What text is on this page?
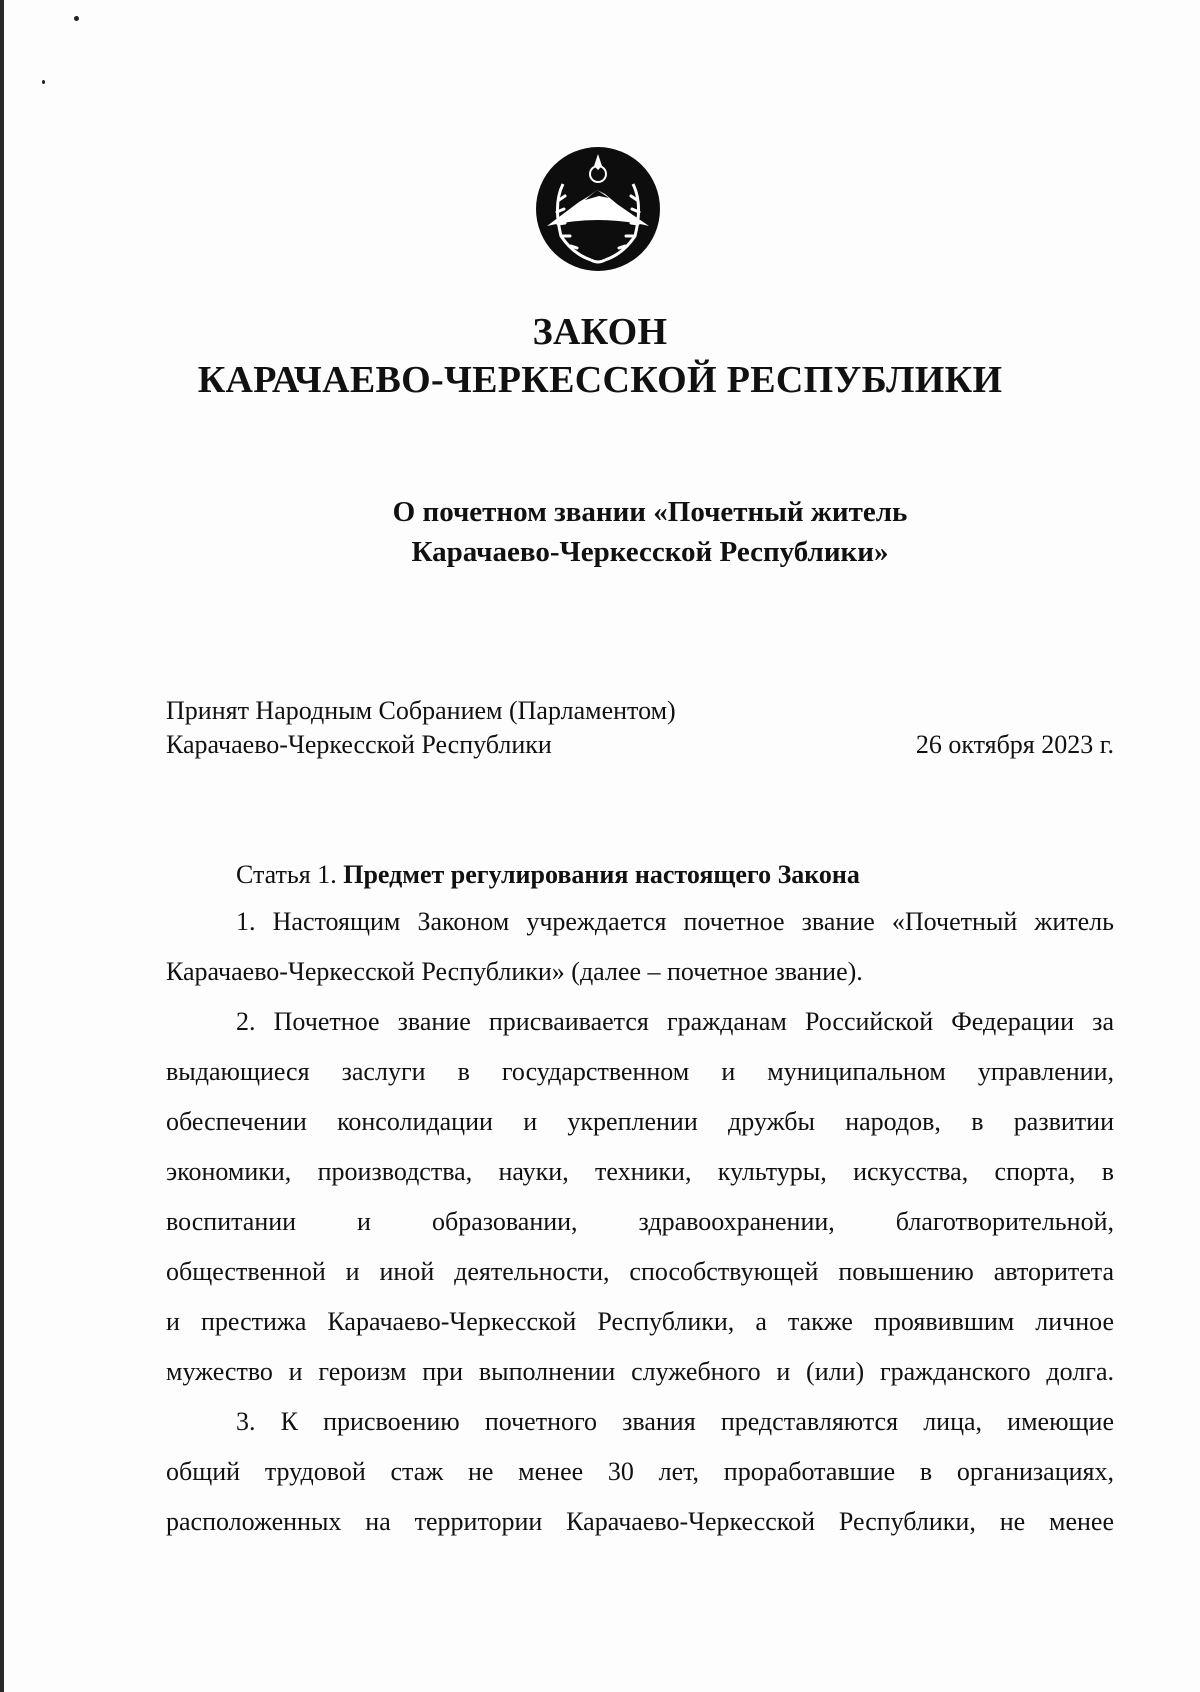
ЗАКОН
КАРАЧАЕВО-ЧЕРКЕССКОЙ РЕСПУБЛИКИ
О почетном звании «Почетный житель
Карачаево-Черкесской Республики»
Принят Народным Собранием (Парламентом)
Карачаево-Черкесской Республики	26 октября 2023 г.
Статья 1. Предмет регулирования настоящего Закона
1. Настоящим Законом учреждается почетное звание «Почетный житель
Карачаево-Черкесской Республики» (далее – почетное звание).
2. Почетное звание присваивается гражданам Российской Федерации за
выдающиеся заслуги в государственном и муниципальном управлении,
обеспечении консолидации и укреплении дружбы народов, в развитии
экономики, производства, науки, техники, культуры, искусства, спорта, в
воспитании и образовании, здравоохранении, благотворительной,
общественной и иной деятельности, способствующей повышению авторитета
и престижа Карачаево-Черкесской Республики, а также проявившим личное
мужество и героизм при выполнении служебного и (или) гражданского долга.
3. К присвоению почетного звания представляются лица, имеющие
общий трудовой стаж не менее 30 лет, проработавшие в организациях,
расположенных на территории Карачаево-Черкесской Республики, не менее
